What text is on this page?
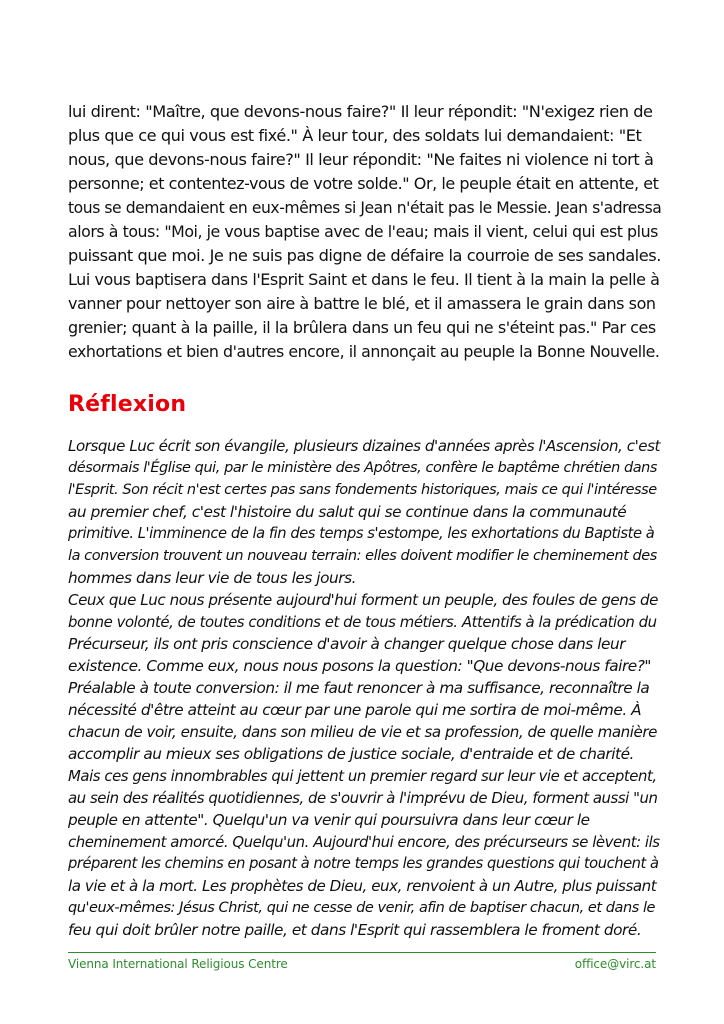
lui dirent: "Maître, que devons-nous faire?" Il leur répondit: "N'exigez rien de

plus que ce qui vous est fixé." À leur tour, des soldats lui demandaient: "Et

nous, que devons-nous faire?" Il leur répondit: "Ne faites ni violence ni tort à

personne; et contentez-vous de votre solde." Or, le peuple était en attente, et

tous se demandaient en eux-mêmes si Jean n'était pas le Messie. Jean s'adressa

alors à tous: "Moi, je vous baptise avec de l'eau; mais il vient, celui qui est plus

puissant que moi. Je ne suis pas digne de défaire la courroie de ses sandales.

Lui vous baptisera dans l'Esprit Saint et dans le feu. Il tient à la main la pelle à

vanner pour nettoyer son aire à battre le blé, et il amassera le grain dans son

grenier; quant à la paille, il la brûlera dans un feu qui ne s'éteint pas." Par ces

exhortations et bien d'autres encore, il annonçait au peuple la Bonne Nouvelle.

Réflexion

Lorsque Luc écrit son évangile, plusieurs dizaines d'années après l'Ascension, c'est

désormais l'Église qui, par le ministère des Apôtres, confère le baptême chrétien dans

l'Esprit. Son récit n'est certes pas sans fondements historiques, mais ce qui l'intéresse

au premier chef, c'est l'histoire du salut qui se continue dans la communauté

primitive. L'imminence de la fin des temps s'estompe, les exhortations du Baptiste à

la conversion trouvent un nouveau terrain: elles doivent modifier le cheminement des

hommes dans leur vie de tous les jours.

Ceux que Luc nous présente aujourd'hui forment un peuple, des foules de gens de

bonne volonté, de toutes conditions et de tous métiers. Attentifs à la prédication du

Précurseur, ils ont pris conscience d'avoir à changer quelque chose dans leur

existence. Comme eux, nous nous posons la question: "Que devons-nous faire?"

Préalable à toute conversion: il me faut renoncer à ma suffisance, reconnaître la

nécessité d'être atteint au cœur par une parole qui me sortira de moi-même. À

chacun de voir, ensuite, dans son milieu de vie et sa profession, de quelle manière

accomplir au mieux ses obligations de justice sociale, d'entraide et de charité.

Mais ces gens innombrables qui jettent un premier regard sur leur vie et acceptent,

au sein des réalités quotidiennes, de s'ouvrir à l'imprévu de Dieu, forment aussi "un

peuple en attente". Quelqu'un va venir qui poursuivra dans leur cœur le

cheminement amorcé. Quelqu'un. Aujourd'hui encore, des précurseurs se lèvent: ils

préparent les chemins en posant à notre temps les grandes questions qui touchent à

la vie et à la mort. Les prophètes de Dieu, eux, renvoient à un Autre, plus puissant

qu'eux-mêmes: Jésus Christ, qui ne cesse de venir, afin de baptiser chacun, et dans le

feu qui doit brûler notre paille, et dans l'Esprit qui rassemblera le froment doré.

Vienna International Religious Centre	office@virc.at
